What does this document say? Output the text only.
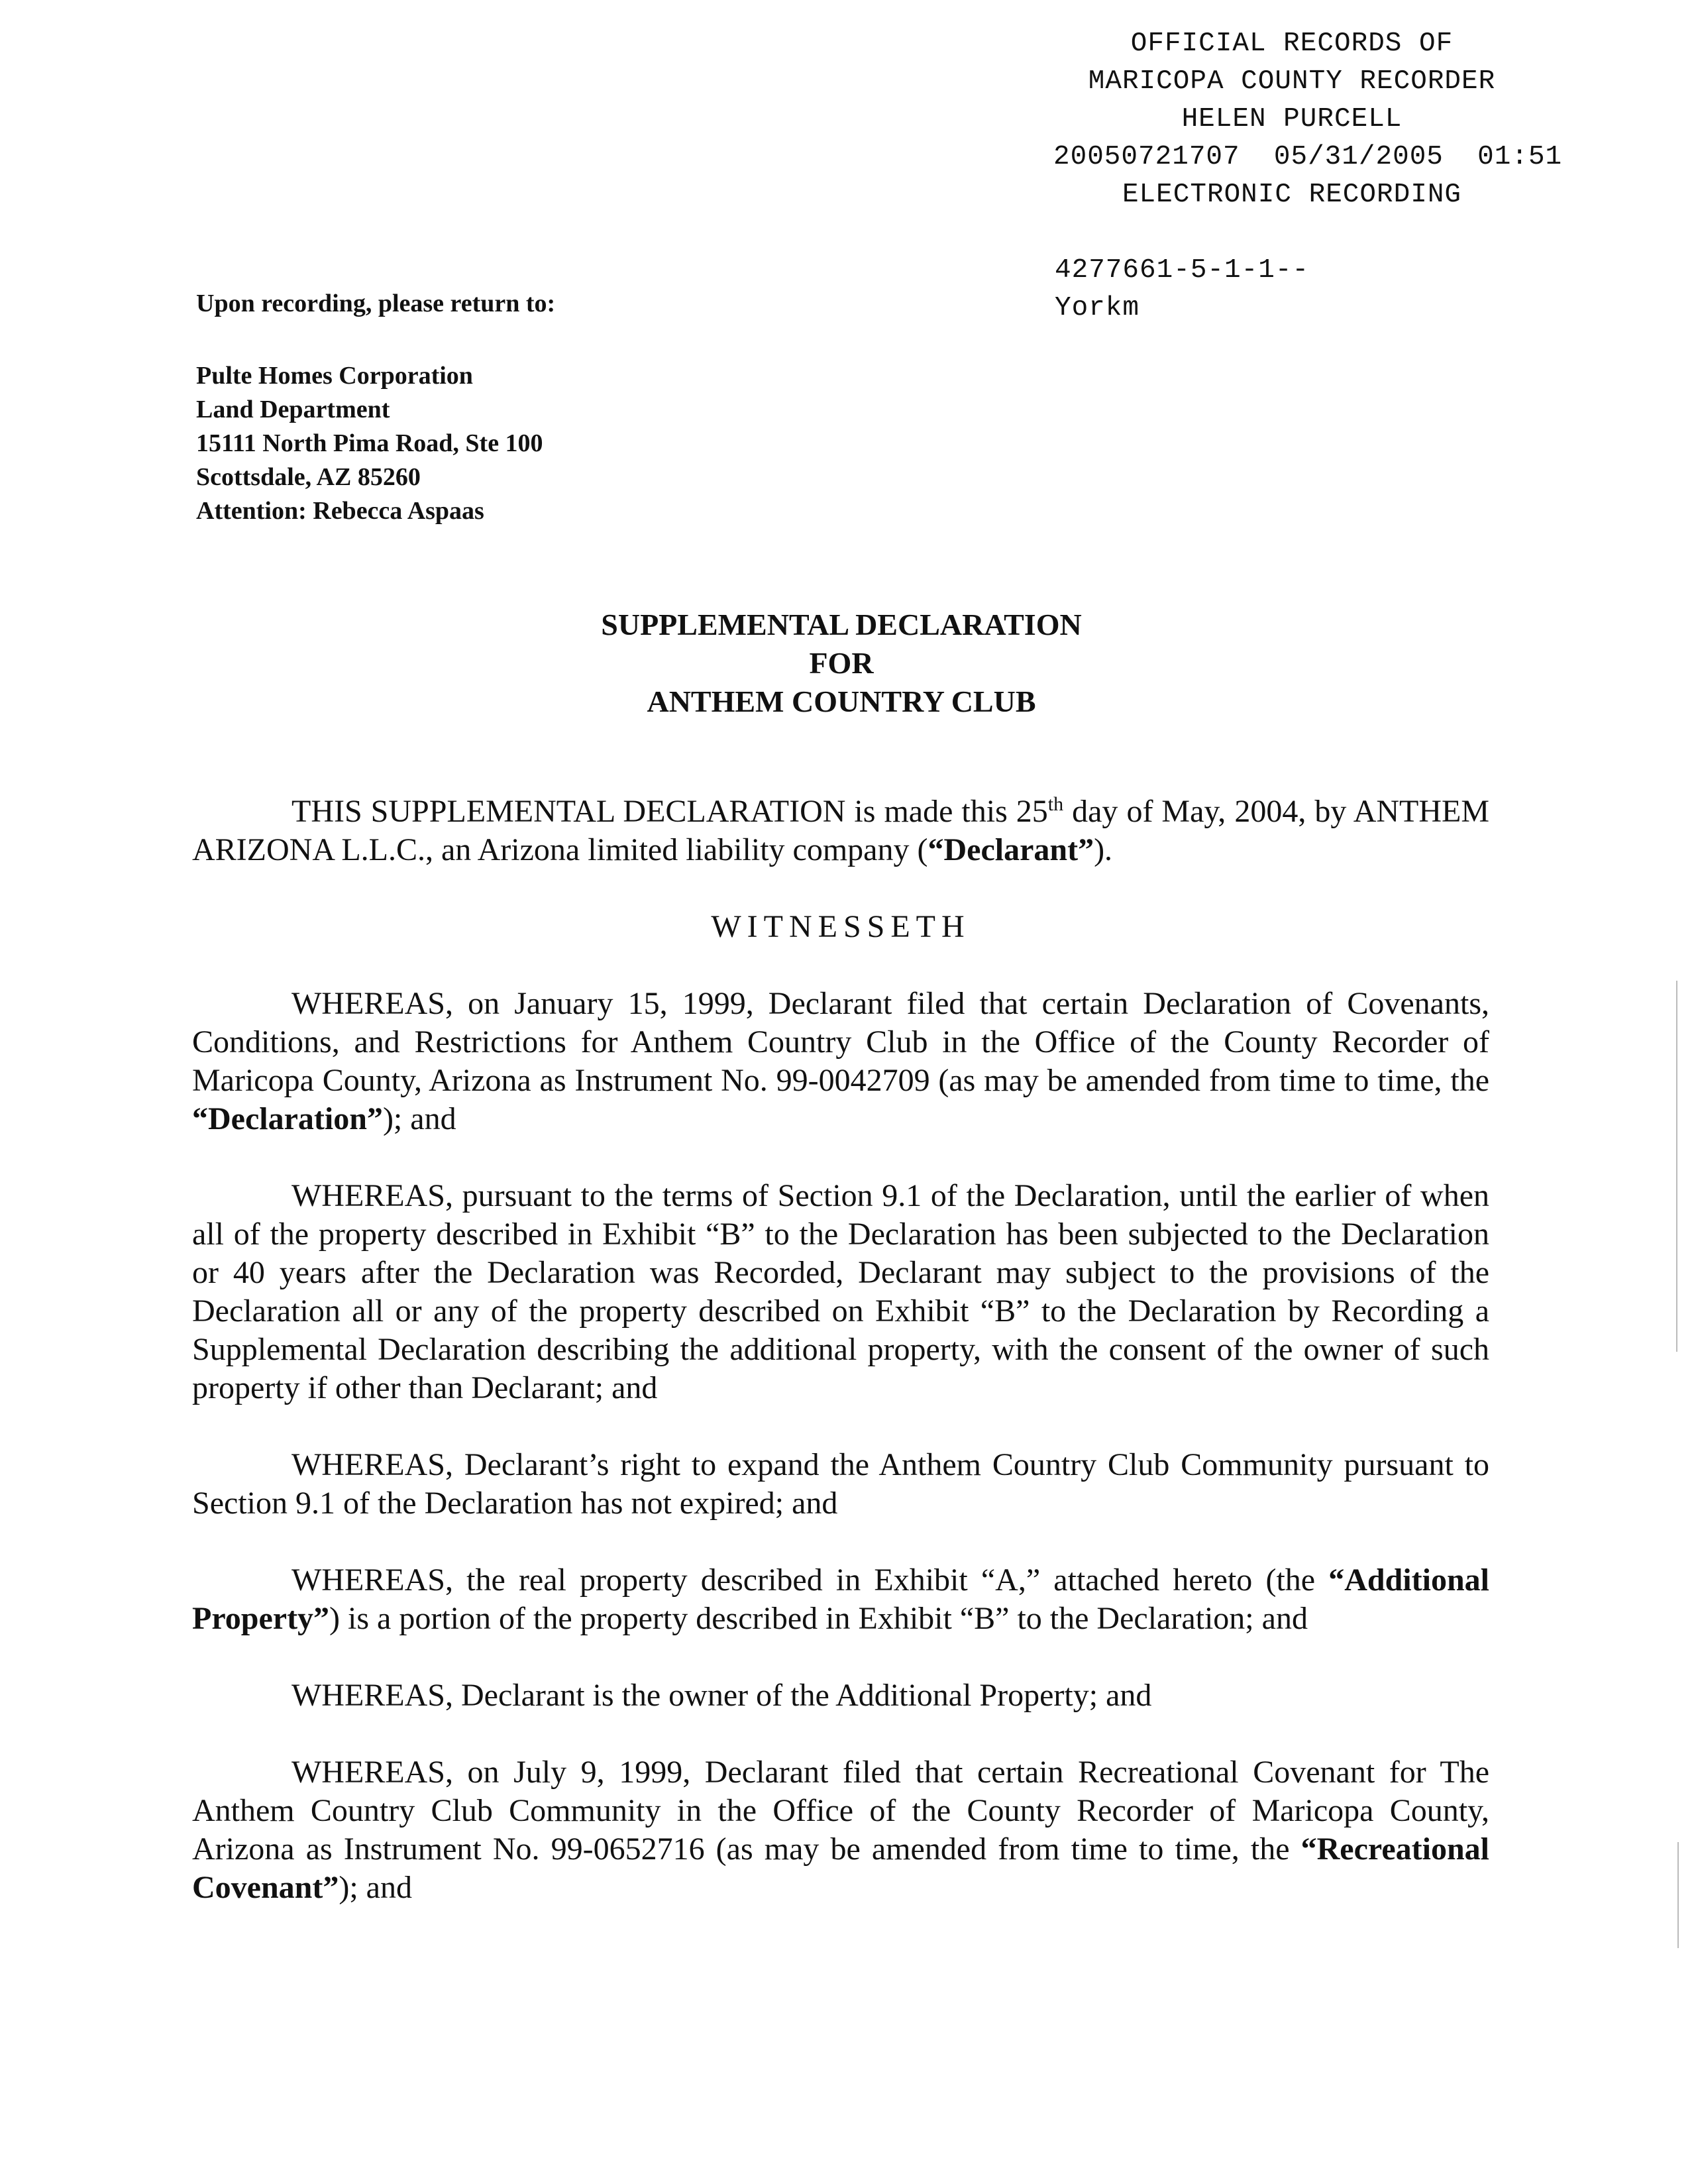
OFFICIAL RECORDS OF
MARICOPA COUNTY RECORDER
HELEN PURCELL
20050721707 05/31/2005 01:51
ELECTRONIC RECORDING
4277661-5-1-1--
Yorkm
Upon recording, please return to:
Pulte Homes Corporation
Land Department
15111 North Pima Road, Ste 100
Scottsdale, AZ 85260
Attention: Rebecca Aspaas
SUPPLEMENTAL DECLARATION
FOR
ANTHEM COUNTRY CLUB

THIS SUPPLEMENTAL DECLARATION is made this 25th day of May, 2004, by ANTHEM ARIZONA L.L.C., an Arizona limited liability company (“Declarant”).

WITNESSETH

WHEREAS, on January 15, 1999, Declarant filed that certain Declaration of Covenants, Conditions, and Restrictions for Anthem Country Club in the Office of the County Recorder of Maricopa County, Arizona as Instrument No. 99-0042709 (as may be amended from time to time, the “Declaration”); and

WHEREAS, pursuant to the terms of Section 9.1 of the Declaration, until the earlier of when all of the property described in Exhibit “B” to the Declaration has been subjected to the Declaration or 40 years after the Declaration was Recorded, Declarant may subject to the provisions of the Declaration all or any of the property described on Exhibit “B” to the Declaration by Recording a Supplemental Declaration describing the additional property, with the consent of the owner of such property if other than Declarant; and

WHEREAS, Declarant’s right to expand the Anthem Country Club Community pursuant to Section 9.1 of the Declaration has not expired; and

WHEREAS, the real property described in Exhibit “A,” attached hereto (the “Additional Property”) is a portion of the property described in Exhibit “B” to the Declaration; and

WHEREAS, Declarant is the owner of the Additional Property; and

WHEREAS, on July 9, 1999, Declarant filed that certain Recreational Covenant for The Anthem Country Club Community in the Office of the County Recorder of Maricopa County, Arizona as Instrument No. 99-0652716 (as may be amended from time to time, the “Recreational Covenant”); and
